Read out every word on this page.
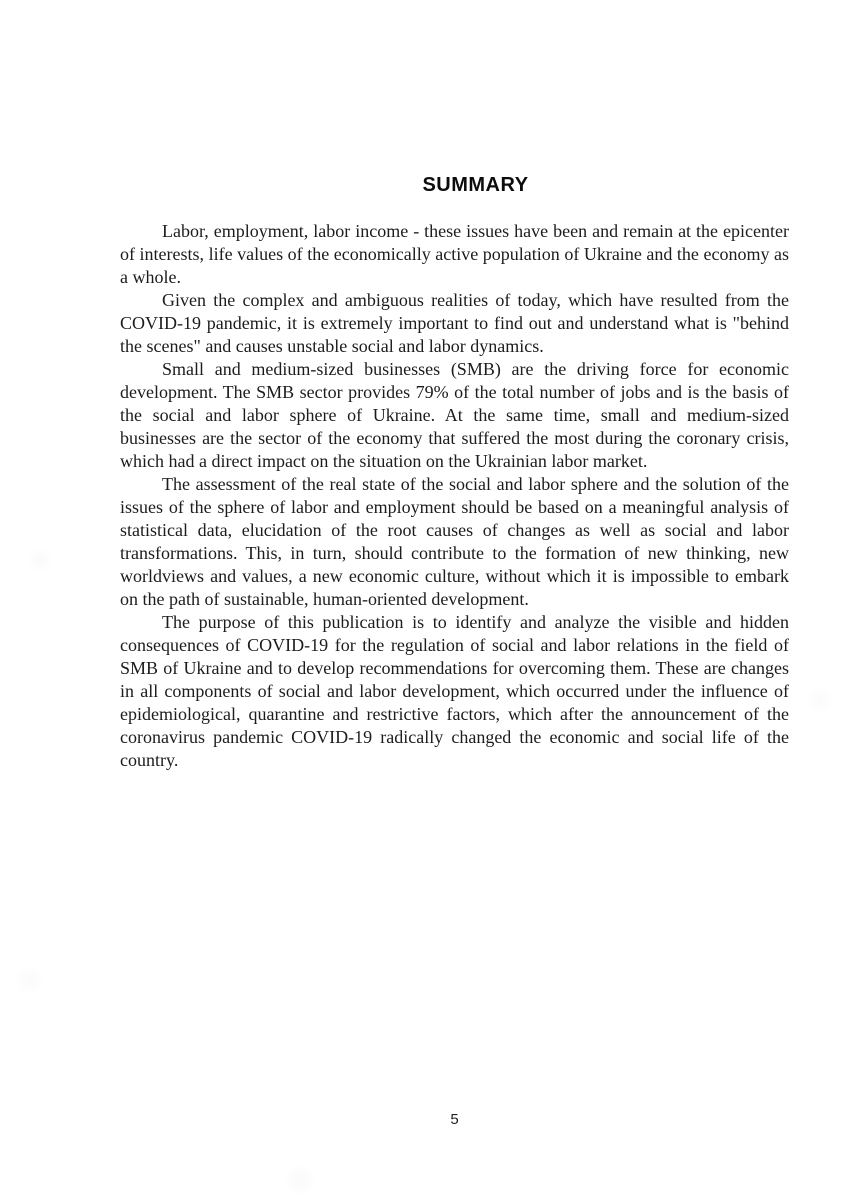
SUMMARY

Labor, employment, labor income - these issues have been and remain at the epicenter of interests, life values of the economically active population of Ukraine and the economy as a whole.

Given the complex and ambiguous realities of today, which have resulted from the COVID-19 pandemic, it is extremely important to find out and understand what is "behind the scenes" and causes unstable social and labor dynamics.

Small and medium-sized businesses (SMB) are the driving force for economic development. The SMB sector provides 79% of the total number of jobs and is the basis of the social and labor sphere of Ukraine. At the same time, small and medium-sized businesses are the sector of the economy that suffered the most during the coronary crisis, which had a direct impact on the situation on the Ukrainian labor market.

The assessment of the real state of the social and labor sphere and the solution of the issues of the sphere of labor and employment should be based on a meaningful analysis of statistical data, elucidation of the root causes of changes as well as social and labor transformations. This, in turn, should contribute to the formation of new thinking, new worldviews and values, a new economic culture, without which it is impossible to embark on the path of sustainable, human-oriented development.

The purpose of this publication is to identify and analyze the visible and hidden consequences of COVID-19 for the regulation of social and labor relations in the field of SMB of Ukraine and to develop recommendations for overcoming them. These are changes in all components of social and labor development, which occurred under the influence of epidemiological, quarantine and restrictive factors, which after the announcement of the coronavirus pandemic COVID-19 radically changed the economic and social life of the country.

5
